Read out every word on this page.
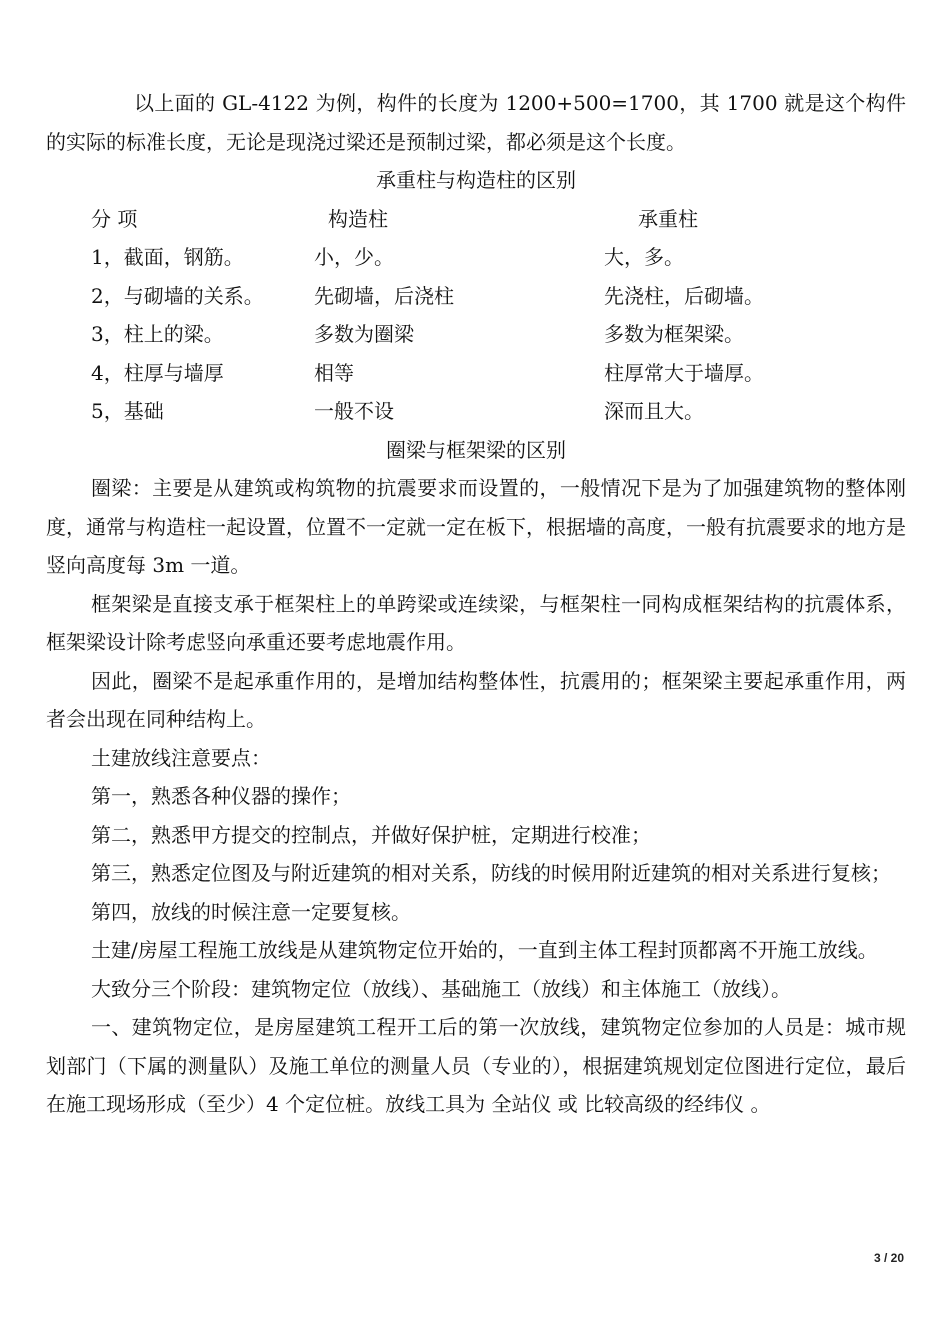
以上面的 GL-4122 为例，构件的长度为 1200+500=1700，其 1700 就是这个构件的实际的标准长度，无论是现浇过梁还是预制过梁，都必须是这个长度。

承重柱与构造柱的区别

分 项	构造柱	承重柱
1，截面，钢筋。	小，少。	大，多。
2，与砌墙的关系。	先砌墙，后浇柱	先浇柱，后砌墙。
3，柱上的梁。	多数为圈梁	多数为框架梁。
4，柱厚与墙厚	相等	柱厚常大于墙厚。
5，基础	一般不设	深而且大。

圈梁与框架梁的区别

圈梁：主要是从建筑或构筑物的抗震要求而设置的，一般情况下是为了加强建筑物的整体刚度，通常与构造柱一起设置，位置不一定就一定在板下，根据墙的高度，一般有抗震要求的地方是竖向高度每 3m 一道。

框架梁是直接支承于框架柱上的单跨梁或连续梁，与框架柱一同构成框架结构的抗震体系，框架梁设计除考虑竖向承重还要考虑地震作用。

因此，圈梁不是起承重作用的，是增加结构整体性，抗震用的；框架梁主要起承重作用，两者会出现在同种结构上。

土建放线注意要点：

第一，熟悉各种仪器的操作；

第二，熟悉甲方提交的控制点，并做好保护桩，定期进行校准；

第三，熟悉定位图及与附近建筑的相对关系，防线的时候用附近建筑的相对关系进行复核；

第四，放线的时候注意一定要复核。

土建/房屋工程施工放线是从建筑物定位开始的，一直到主体工程封顶都离不开施工放线。

大致分三个阶段：建筑物定位（放线）、基础施工（放线）和主体施工（放线）。

一、建筑物定位，是房屋建筑工程开工后的第一次放线，建筑物定位参加的人员是：城市规划部门（下属的测量队）及施工单位的测量人员（专业的），根据建筑规划定位图进行定位，最后在施工现场形成（至少）4 个定位桩。放线工具为 全站仪 或 比较高级的经纬仪 。

3 / 20
